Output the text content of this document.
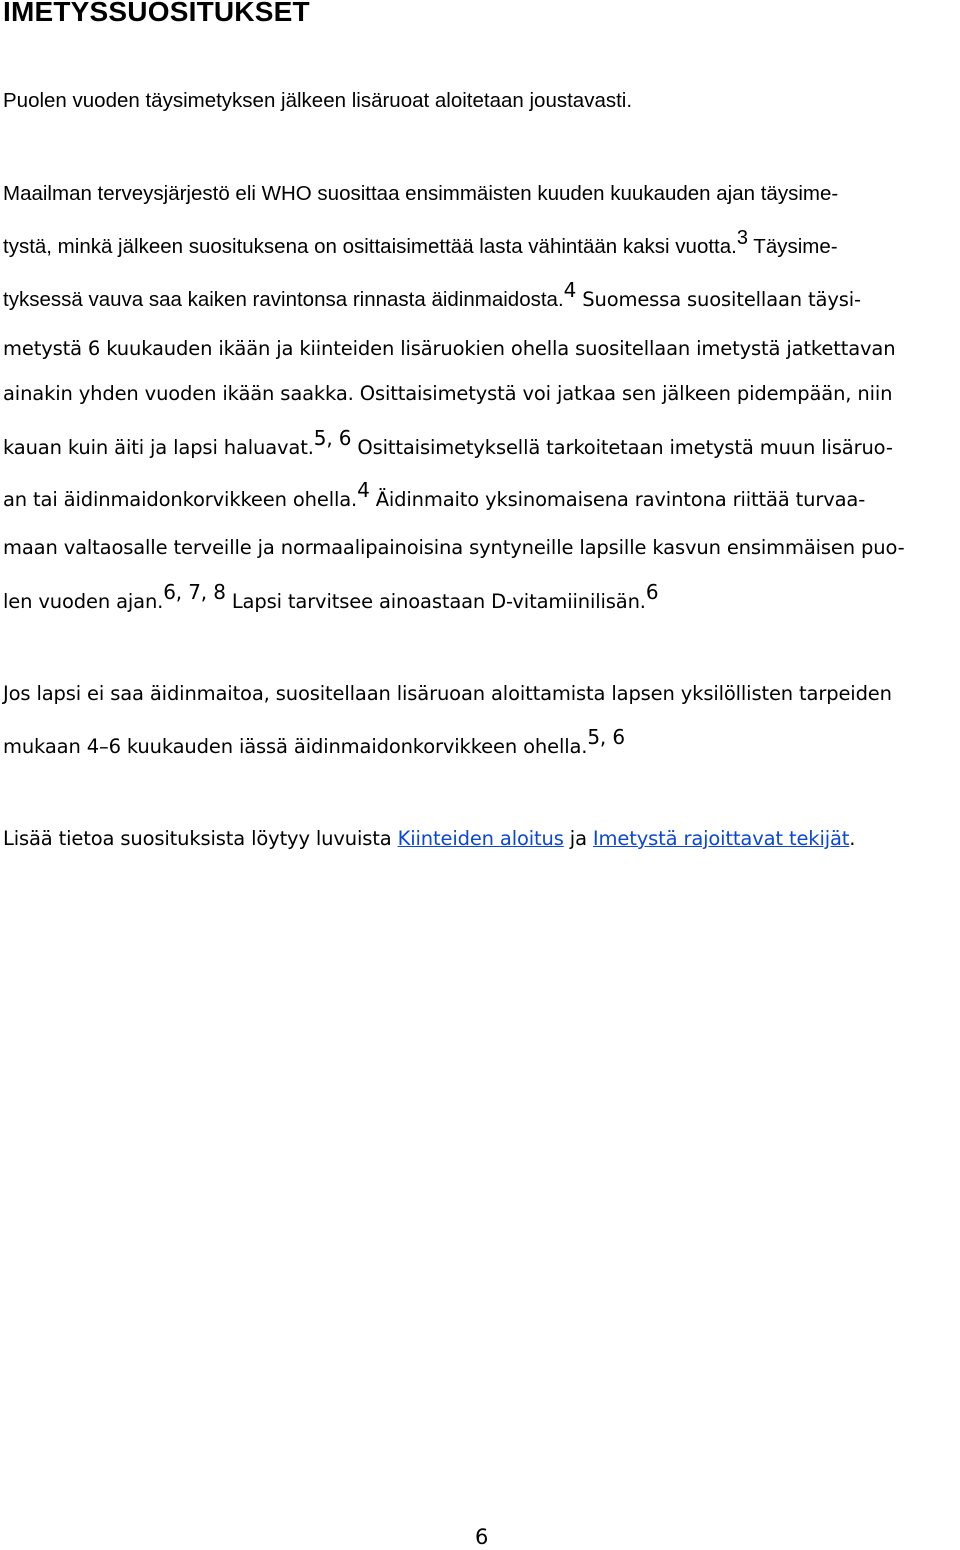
IMETYSSUOSITUKSET

Puolen vuoden täysimetyksen jälkeen lisäruoat aloitetaan joustavasti.

Maailman terveysjärjestö eli WHO suosittaa ensimmäisten kuuden kuukauden ajan täysime-

tystä, minkä jälkeen suosituksena on osittaisimettää lasta vähintään kaksi vuotta.3 Täysime-

tyksessä vauva saa kaiken ravintonsa rinnasta äidinmaidosta.4 Suomessa suositellaan täysi-

metystä 6 kuukauden ikään ja kiinteiden lisäruokien ohella suositellaan imetystä jatkettavan

ainakin yhden vuoden ikään saakka. Osittaisimetystä voi jatkaa sen jälkeen pidempään, niin

kauan kuin äiti ja lapsi haluavat.5, 6 Osittaisimetyksellä tarkoitetaan imetystä muun lisäruo-

an tai äidinmaidonkorvikkeen ohella.4 Äidinmaito yksinomaisena ravintona riittää turvaa-

maan valtaosalle terveille ja normaalipainoisina syntyneille lapsille kasvun ensimmäisen puo-

len vuoden ajan.6, 7, 8 Lapsi tarvitsee ainoastaan D-vitamiinilisän.6

Jos lapsi ei saa äidinmaitoa, suositellaan lisäruoan aloittamista lapsen yksilöllisten tarpeiden

mukaan 4–6 kuukauden iässä äidinmaidonkorvikkeen ohella.5, 6

Lisää tietoa suosituksista löytyy luvuista Kiinteiden aloitus ja Imetystä rajoittavat tekijät.

6
